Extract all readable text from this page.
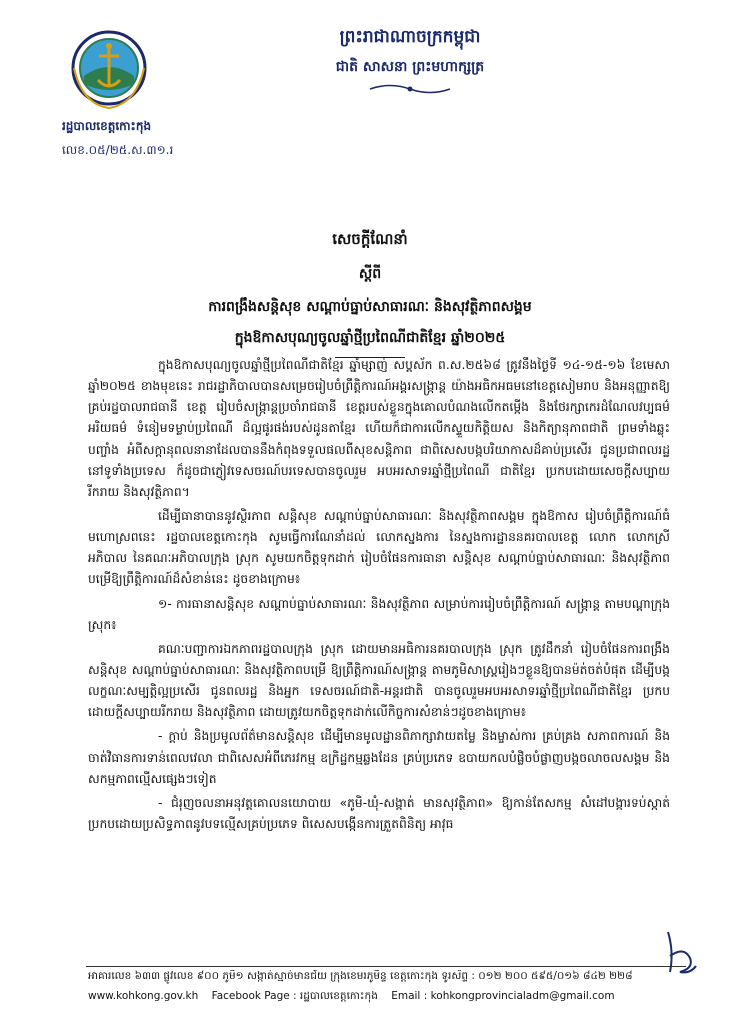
រដ្ឋបាលខេត្តកោះកុង
លេខ.០៥/២៥.ស.៣១.រ
ព្រះរាជាណាចក្រកម្ពុជា
ជាតិ សាសនា ព្រះមហាក្សត្រ
សេចក្តីណែនាំ
ស្តីពី
ការពង្រឹងសន្តិសុខ សណ្តាប់ធ្នាប់សាធារណៈ និងសុវត្ថិភាពសង្គម
ក្នុងឱកាសបុណ្យចូលឆ្នាំថ្មីប្រពៃណីជាតិខ្មែរ ឆ្នាំ២០២៥

ក្នុងឱកាសបុណ្យចូលឆ្នាំថ្មីប្រពៃណីជាតិខ្មែរ ឆ្នាំម្សាញ់ សប្តស័ក ព.ស.២៥៦៨ ត្រូវនឹងថ្ងៃទី ១៤-១៥-១៦ ខែមេសា ឆ្នាំ២០២៥ ខាងមុខនេះ រាជរដ្ឋាភិបាលបានសម្រេចរៀបចំព្រឹត្តិការណ៍អង្គរសង្រ្កាន្ត យ៉ាងអធិកអធមនៅខេត្តសៀមរាប និងអនុញ្ញាតឱ្យគ្រប់រដ្ឋបាលរាជធានី ខេត្ត រៀបចំសង្រ្កាន្តប្រចាំរាជធានី ខេត្តរបស់ខ្លួនក្នុងគោលបំណងលើកតម្កើង និងថែរក្សាកេរដំណែលវប្បធម៌ អរិយធម៌ ទំនៀមទម្លាប់ប្រពៃណី ដ៏ល្អផូរផង់របស់ដូនតាខ្មែរ ហើយក៏ជាការលើកស្ទួយកិត្តិយស និងកិត្យានុភាពជាតិ ព្រមទាំងឆ្លុះបញ្ចាំង អំពីសក្តានុពលនានាដែលបាននឹងកំពុងទទួលផលពីសុខសន្តិភាព ជាពិសេសបង្កបរិយាកាសដ៏គាប់ប្រសើរ ជូនប្រជាពលរដ្ឋនៅទូទាំងប្រទេស ក៏ដូចជាភ្ញៀវទេសចរណ៍បរទេសបានចូលរួម អបអរសាទរឆ្នាំថ្មីប្រពៃណី ជាតិខ្មែរ ប្រកបដោយសេចក្តីសប្បាយរីករាយ និងសុវត្ថិភាព។

ដើម្បីធានាបាននូវស្ថិរភាព សន្តិសុខ សណ្តាប់ធ្នាប់សាធារណៈ និងសុវត្ថិភាពសង្គម ក្នុងឱកាស រៀបចំព្រឹត្តិការណ៍ធំមហោស្រពនេះ រដ្ឋបាលខេត្តកោះកុង សូមធ្វើការណែនាំដល់ លោកស្នងការ នៃស្នងការដ្ឋាននគរបាលខេត្ត លោក លោកស្រី អភិបាល នៃគណៈអភិបាលក្រុង ស្រុក សូមយកចិត្តទុកដាក់ រៀបចំផែនការធានា សន្តិសុខ សណ្តាប់ធ្នាប់សាធារណៈ និងសុវត្ថិភាព បម្រើឱ្យព្រឹត្តិការណ៍ដ៏សំខាន់នេះ ដូចខាងក្រោម៖

១- ការធានាសន្តិសុខ សណ្តាប់ធ្នាប់សាធារណៈ និងសុវត្ថិភាព សម្រាប់ការរៀបចំព្រឹត្តិការណ៍ សង្រ្កាន្ត តាមបណ្តាក្រុង ស្រុក៖

គណៈបញ្ជាការឯកភាពរដ្ឋបាលក្រុង ស្រុក ដោយមានអធិការនគរបាលក្រុង ស្រុក ត្រូវដឹកនាំ រៀបចំផែនការពង្រឹងសន្តិសុខ សណ្តាប់ធ្នាប់សាធារណៈ និងសុវត្ថិភាពបម្រើ ឱ្យព្រឹត្តិការណ៍សង្រ្កាន្ត តាមភូមិសាស្រ្តរៀងៗខ្លួនឱ្យបានម៉ត់ចត់បំផុត ដើម្បីបង្កលក្ខណៈសម្បត្តិល្អប្រសើរ ជូនពលរដ្ឋ និងអ្នក ទេសចរណ៍ជាតិ-អន្តរជាតិ បានចូលរួមអបអរសាទរឆ្នាំថ្មីប្រពៃណីជាតិខ្មែរ ប្រកបដោយក្តីសប្បាយរីករាយ និងសុវត្ថិភាព ដោយត្រូវយកចិត្តទុកដាក់លើកិច្ចការសំខាន់ៗដូចខាងក្រោម៖

- ក្តាប់ និងប្រមូលព័ត៌មានសន្តិសុខ ដើម្បីមានមូលដ្ឋានពិភាក្សាវាយតម្លៃ និងម្ចាស់ការ គ្រប់គ្រង សភាពការណ៍ និងចាត់វិធានការទាន់ពេលវេលា ជាពិសេសអំពីភេរវកម្ម ឧក្រិដ្ឋកម្មឆ្លងដែន គ្រប់ប្រភេទ ឧបាយកលបំផ្លិចបំផ្លាញបង្កចលាចលសង្គម និងសកម្មភាពល្មើសផ្សេងៗទៀត

- ជំរុញចលនាអនុវត្តគោលនយោបាយ «ភូមិ-ឃុំ-សង្កាត់ មានសុវត្ថិភាព» ឱ្យកាន់តែសកម្ម សំដៅបង្ការទប់ស្កាត់ប្រកបដោយប្រសិទ្ធភាពនូវបទល្មើសគ្រប់ប្រភេទ ពិសេសបង្កើនការត្រួតពិនិត្យ អាវុធ

អាគារលេខ ៦៣៣ ផ្លូវលេខ ៩០០ ភូមិ១ សង្កាត់ស្មាច់មានជ័យ ក្រុងខេមរភូមិន្ទ ខេត្តកោះកុង ទូរស័ព្ទ : ០១២ ២០០ ៥៩៥/០១៦ ៨៤២ ២២៨
www.kohkong.gov.kh Facebook Page : រដ្ឋបាលខេត្តកោះកុង Email : kohkongprovincialadm@gmail.com
